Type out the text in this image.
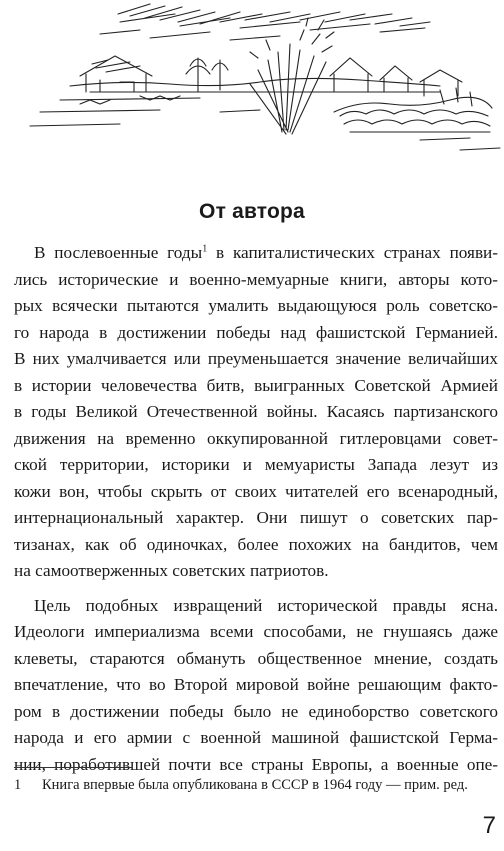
От автора
В послевоенные годы$^1$ в капиталистических странах появи-
лись исторические и военно-мемуарные книги, авторы кото-
рых всячески пытаются умалить выдающуюся роль советско-
го народа в достижении победы над фашистской Германией.
В них умалчивается или преуменьшается значение величайших
в истории человечества битв, выигранных Советской Армией
в годы Великой Отечественной войны. Касаясь партизанского
движения на временно оккупированной гитлеровцами совет-
ской территории, историки и мемуаристы Запада лезут из
кожи вон, чтобы скрыть от своих читателей его всенародный,
интернациональный характер. Они пишут о советских пар-
тизанах, как об одиночках, более похожих на бандитов, чем
на самоотверженных советских патриотов.
Цель подобных извращений исторической правды ясна.
Идеологи империализма всеми способами, не гнушаясь даже
клеветы, стараются обмануть общественное мнение, создать
впечатление, что во Второй мировой войне решающим факто-
ром в достижении победы было не единоборство советского
народа и его армии с военной машиной фашистской Герма-
нии, поработившей почти все страны Европы, а военные опе-
1 Книга впервые была опубликована в СССР в 1964 году — прим. ред.
7
